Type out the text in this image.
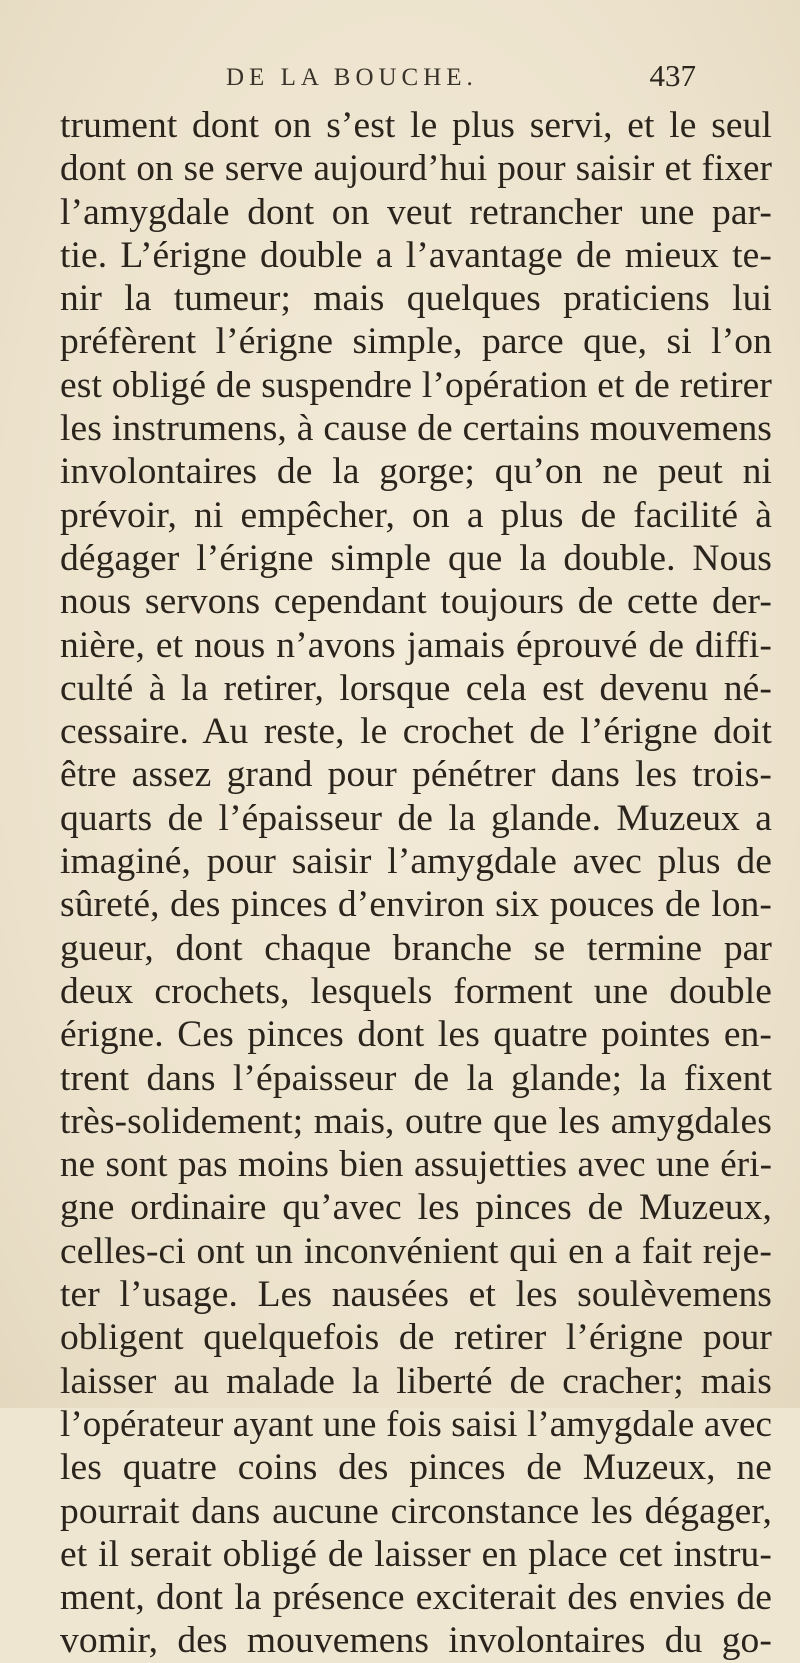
DE LA BOUCHE.	437
trument dont on s’est le plus servi, et le seul
dont on se serve aujourd’hui pour saisir et fixer
l’amygdale dont on veut retrancher une par-
tie. L’érigne double a l’avantage de mieux te-
nir la tumeur; mais quelques praticiens lui
préfèrent l’érigne simple, parce que, si l’on
est obligé de suspendre l’opération et de retirer
les instrumens, à cause de certains mouvemens
involontaires de la gorge; qu’on ne peut ni
prévoir, ni empêcher, on a plus de facilité à
dégager l’érigne simple que la double. Nous
nous servons cependant toujours de cette der-
nière, et nous n’avons jamais éprouvé de diffi-
culté à la retirer, lorsque cela est devenu né-
cessaire. Au reste, le crochet de l’érigne doit
être assez grand pour pénétrer dans les trois-
quarts de l’épaisseur de la glande. Muzeux a
imaginé, pour saisir l’amygdale avec plus de
sûreté, des pinces d’environ six pouces de lon-
gueur, dont chaque branche se termine par
deux crochets, lesquels forment une double
érigne. Ces pinces dont les quatre pointes en-
trent dans l’épaisseur de la glande; la fixent
très-solidement; mais, outre que les amygdales
ne sont pas moins bien assujetties avec une éri-
gne ordinaire qu’avec les pinces de Muzeux,
celles-ci ont un inconvénient qui en a fait reje-
ter l’usage. Les nausées et les soulèvemens
obligent quelquefois de retirer l’érigne pour
laisser au malade la liberté de cracher; mais
l’opérateur ayant une fois saisi l’amygdale avec
les quatre coins des pinces de Muzeux, ne
pourrait dans aucune circonstance les dégager,
et il serait obligé de laisser en place cet instru-
ment, dont la présence exciterait des envies de
vomir, des mouvemens involontaires du go-
